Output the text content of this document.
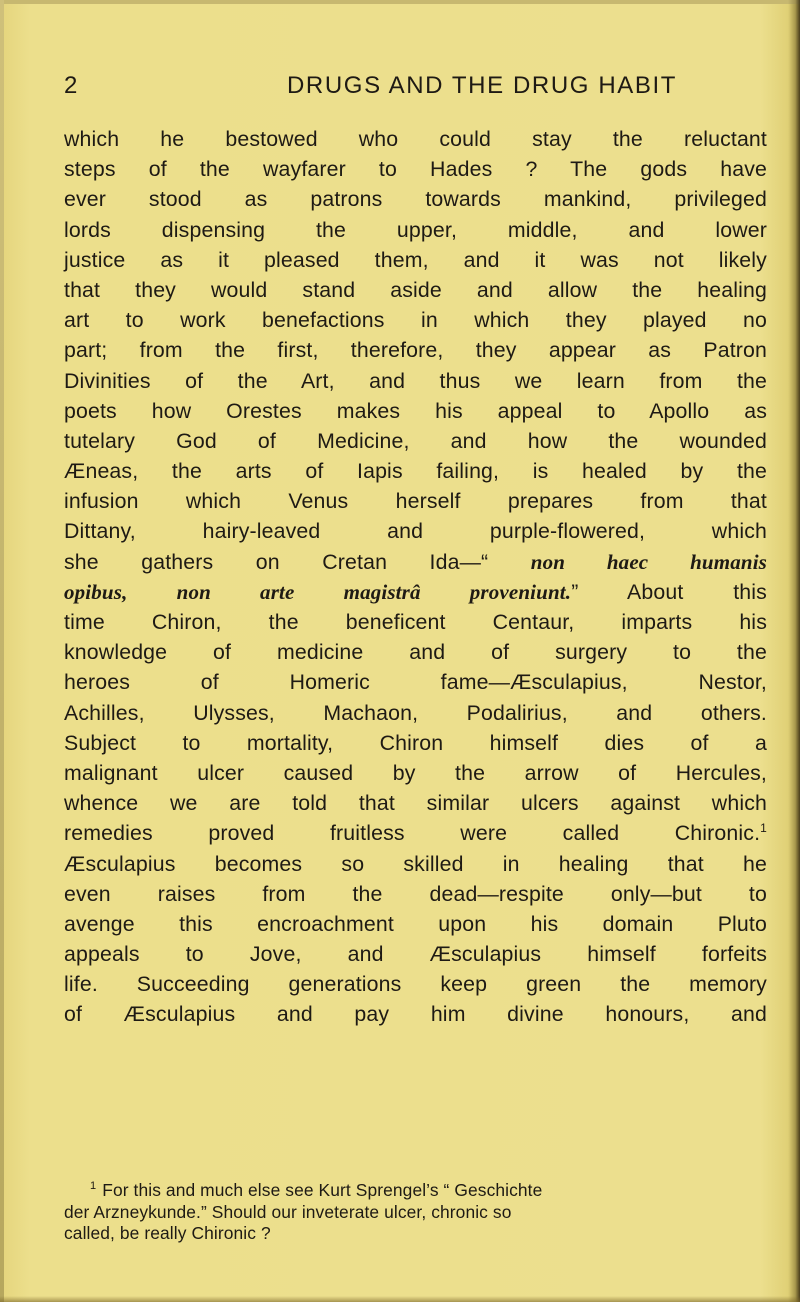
2	DRUGS AND THE DRUG HABIT
which he bestowed who could stay the reluctant
steps of the wayfarer to Hades ? The gods have
ever stood as patrons towards mankind, privileged
lords dispensing the upper, middle, and lower
justice as it pleased them, and it was not likely
that they would stand aside and allow the healing
art to work benefactions in which they played no
part; from the first, therefore, they appear as Patron
Divinities of the Art, and thus we learn from the
poets how Orestes makes his appeal to Apollo as
tutelary God of Medicine, and how the wounded
Æneas, the arts of Iapis failing, is healed by the
infusion which Venus herself prepares from that
Dittany, hairy-leaved and purple-flowered, which
she gathers on Cretan Ida—“ non haec humanis
opibus, non arte magistrâ proveniunt.” About this
time Chiron, the beneficent Centaur, imparts his
knowledge of medicine and of surgery to the
heroes of Homeric fame—Æsculapius, Nestor,
Achilles, Ulysses, Machaon, Podalirius, and others.
Subject to mortality, Chiron himself dies of a
malignant ulcer caused by the arrow of Hercules,
whence we are told that similar ulcers against which
remedies proved fruitless were called Chironic.$^1$
Æsculapius becomes so skilled in healing that he
even raises from the dead—respite only—but to
avenge this encroachment upon his domain Pluto
appeals to Jove, and Æsculapius himself forfeits
life. Succeeding generations keep green the memory
of Æsculapius and pay him divine honours, and
$^1$ For this and much else see Kurt Sprengel’s “ Geschichte
der Arzneykunde.” Should our inveterate ulcer, chronic so
called, be really Chironic ?
